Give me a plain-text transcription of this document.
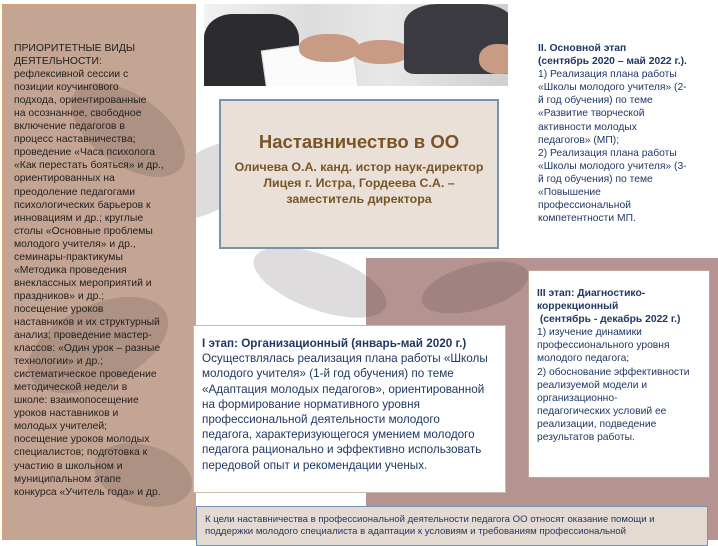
ПРИОРИТЕТНЫЕ ВИДЫ
ДЕЯТЕЛЬНОСТИ:
рефлексивной сессии с
позиции коучингового
подхода, ориентированные
на осознанное, свободное
включение педагогов в
процесс наставничества;
проведение «Часа психолога
«Как перестать бояться» и др.,
ориентированных на
преодоление педагогами
психологических барьеров к
инновациям и др.; круглые
столы «Основные проблемы
молодого учителя» и др.,
семинары-практикумы
«Методика проведения
внеклассных мероприятий и
праздников» и др.;
посещение уроков
наставников и их структурный
анализ; проведение мастер-
классов: «Один урок – разные
технологии» и др.;
систематическое проведение
методической недели в
школе: взаимопосещение
уроков наставников и
молодых учителей;
посещение уроков молодых
специалистов; подготовка к
участию в школьном и
муниципальном этапе
конкурса «Учитель года» и др.
Наставничество в ОО
Оличева О.А. канд. истор наук-директор Лицея г. Истра, Гордеева С.А. – заместитель директора
I этап: Организационный (январь-май 2020 г.)
Осуществлялась реализация плана работы «Школы
молодого учителя» (1-й год обучения) по теме
«Адаптация молодых педагогов», ориентированной
на формирование нормативного уровня
профессиональной деятельности молодого
педагога, характеризующегося умением молодого
педагога рационально и эффективно использовать
передовой опыт и рекомендации ученых.
II. Основной этап
(сентябрь 2020 – май 2022 г.).
1) Реализация плана работы
«Школы молодого учителя» (2-
й год обучения) по теме
«Развитие творческой
активности молодых
педагогов» (МП);
2) Реализация плана работы
«Школы молодого учителя» (3-
й год обучения) по теме
«Повышение
профессиональной
компетентности МП.
III этап: Диагностико-
коррекционный
(сентябрь - декабрь 2022 г.)
1) изучение динамики
профессионального уровня
молодого педагога;
2) обоснование эффективности
реализуемой модели и
организационно-
педагогических условий ее
реализации, подведение
результатов работы.
К цели наставничества в профессиональной деятельности педагога ОО относят оказание помощи и
поддержки молодого специалиста в адаптации к условиям и требованиям профессиональной
